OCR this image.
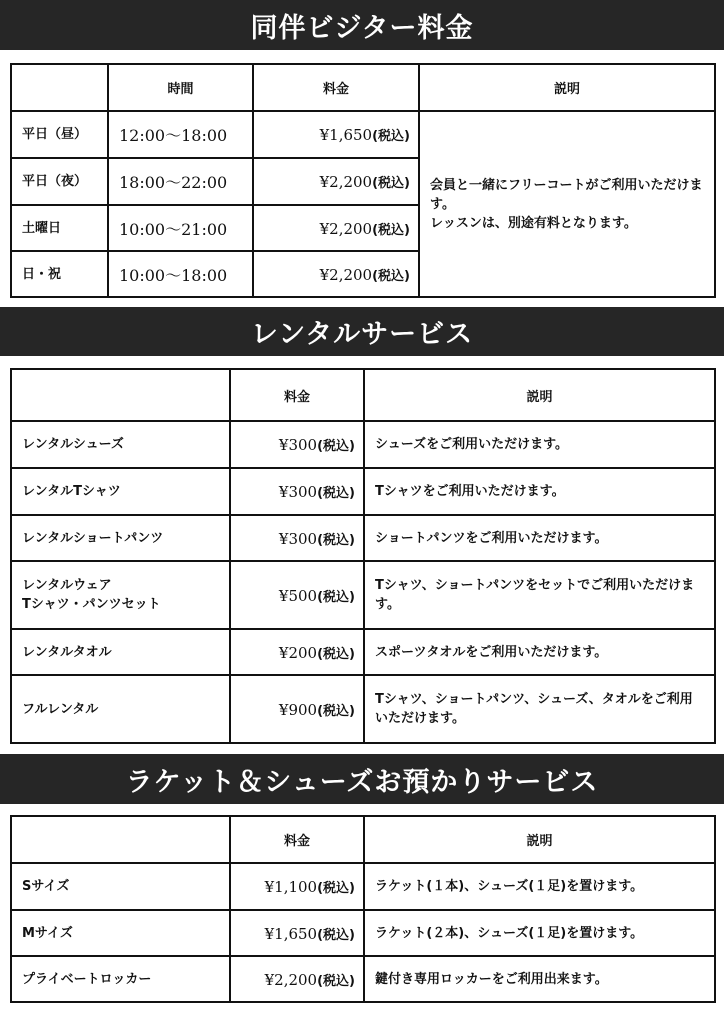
同伴ビジター料金
	時間	料金	説明
平日（昼）	12:00〜18:00	¥1,650(税込)	会員と一緒にフリーコートがご利用いただけます。
レッスンは、別途有料となります。
平日（夜）	18:00〜22:00	¥2,200(税込)	
土曜日	10:00〜21:00	¥2,200(税込)	
日・祝	10:00〜18:00	¥2,200(税込)	
レンタルサービス
	料金	説明
レンタルシューズ	¥300(税込)	シューズをご利用いただけます。
レンタルTシャツ	¥300(税込)	Tシャツをご利用いただけます。
レンタルショートパンツ	¥300(税込)	ショートパンツをご利用いただけます。
レンタルウェア
Tシャツ・パンツセット	¥500(税込)	Tシャツ、ショートパンツをセットでご利用いただけます。
レンタルタオル	¥200(税込)	スポーツタオルをご利用いただけます。
フルレンタル	¥900(税込)	Tシャツ、ショートパンツ、シューズ、タオルをご利用いただけます。
ラケット＆シューズお預かりサービス
	料金	説明
Sサイズ	¥1,100(税込)	ラケット(１本)、シューズ(１足)を置けます。
Mサイズ	¥1,650(税込)	ラケット(２本)、シューズ(１足)を置けます。
プライベートロッカー	¥2,200(税込)	鍵付き専用ロッカーをご利用出来ます。
